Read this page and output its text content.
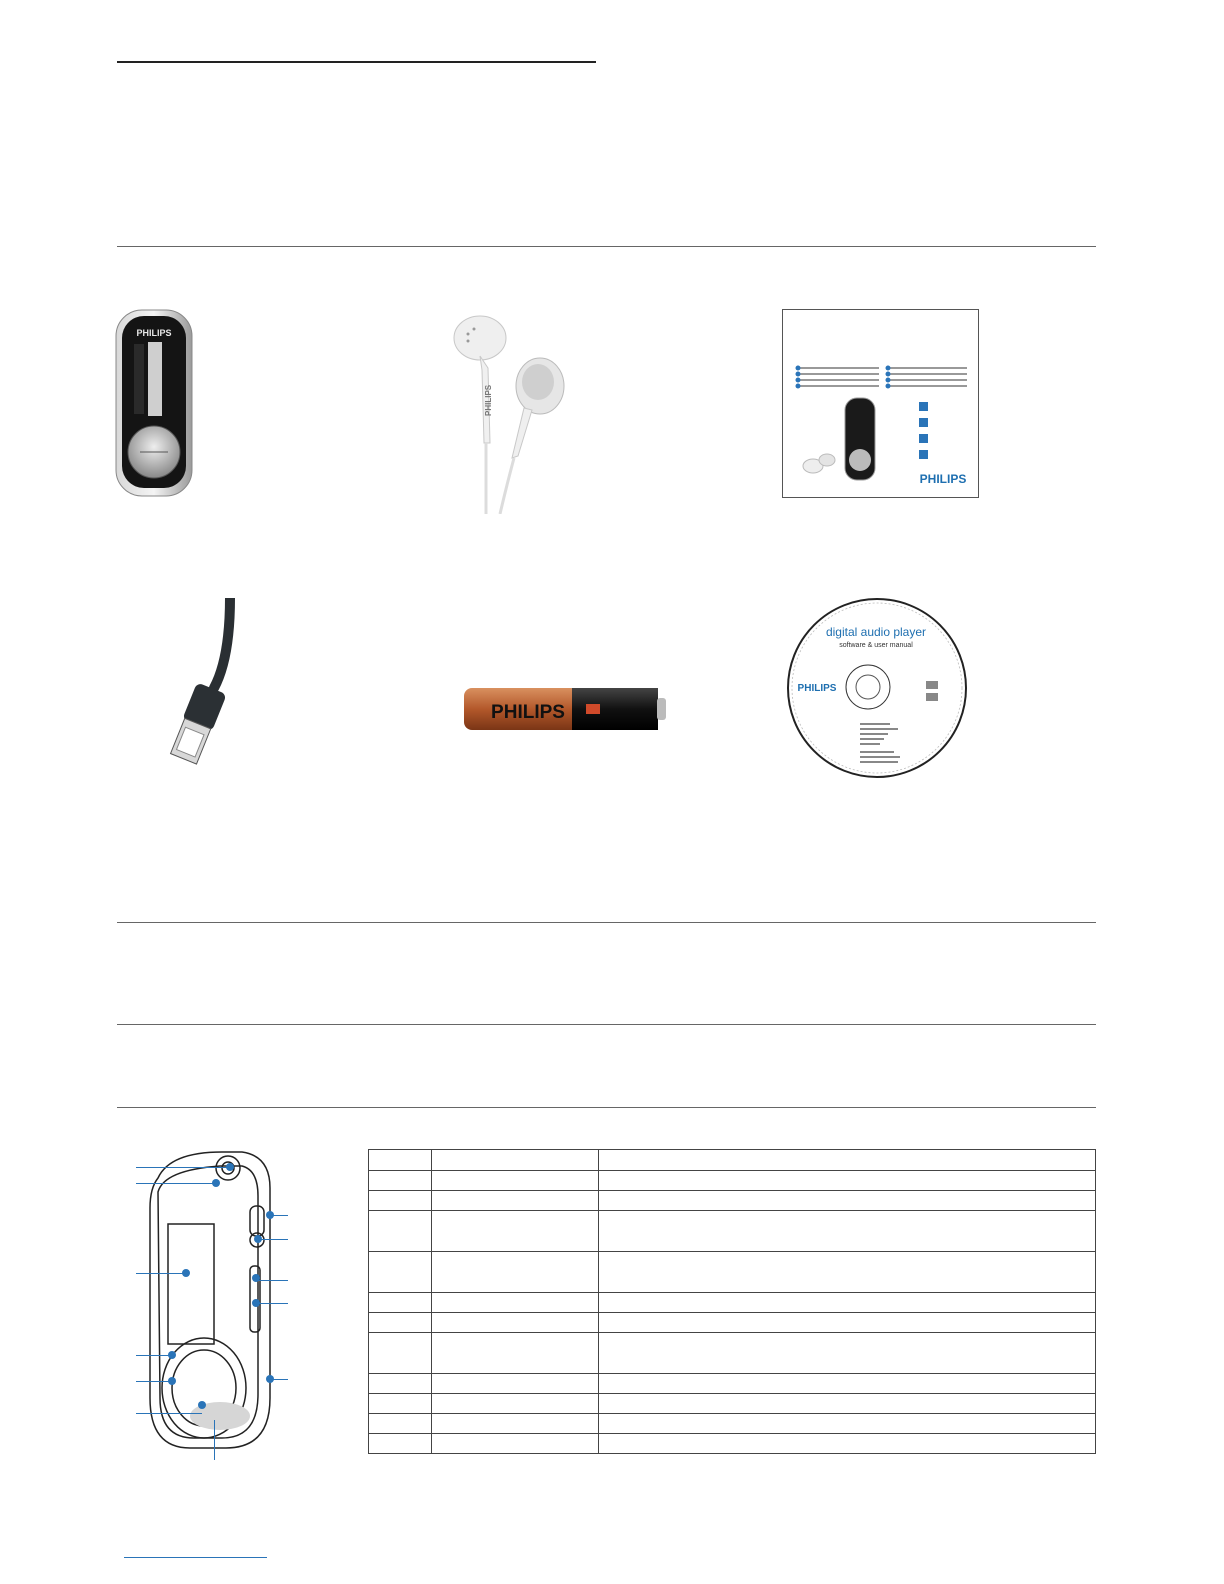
PHILIPS
PHILIPS
PHILIPS
PHILIPS
digital audio player
software & user manual
PHILIPS
